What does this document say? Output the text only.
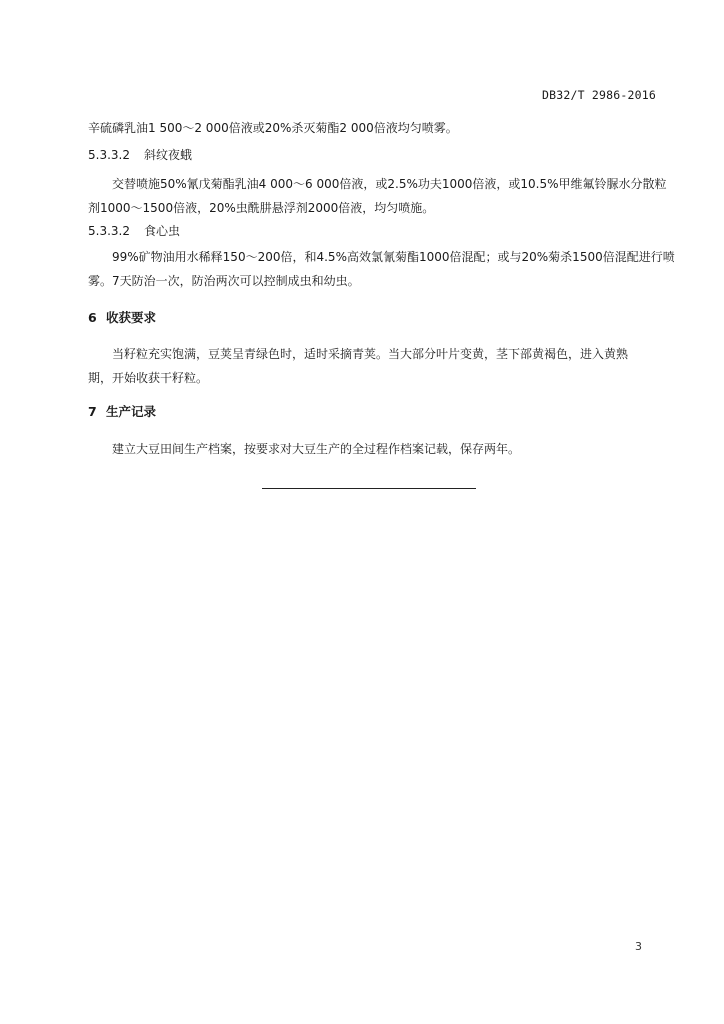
DB32/T 2986-2016
辛硫磷乳油1 500～2 000倍液或20%杀灭菊酯2 000倍液均匀喷雾。
5.3.3.2 斜纹夜蛾
交替喷施50%氰戊菊酯乳油4 000～6 000倍液，或2.5%功夫1000倍液，或10.5%甲维氟铃脲水分散粒
剂1000～1500倍液，20%虫酰肼悬浮剂2000倍液，均匀喷施。
5.3.3.2 食心虫
99%矿物油用水稀释150～200倍，和4.5%高效氯氰菊酯1000倍混配；或与20%菊杀1500倍混配进行喷
雾。7天防治一次，防治两次可以控制成虫和幼虫。
6 收获要求
当籽粒充实饱满，豆荚呈青绿色时，适时采摘青荚。当大部分叶片变黄，茎下部黄褐色，进入黄熟
期，开始收获干籽粒。
7 生产记录
建立大豆田间生产档案，按要求对大豆生产的全过程作档案记载，保存两年。
3
